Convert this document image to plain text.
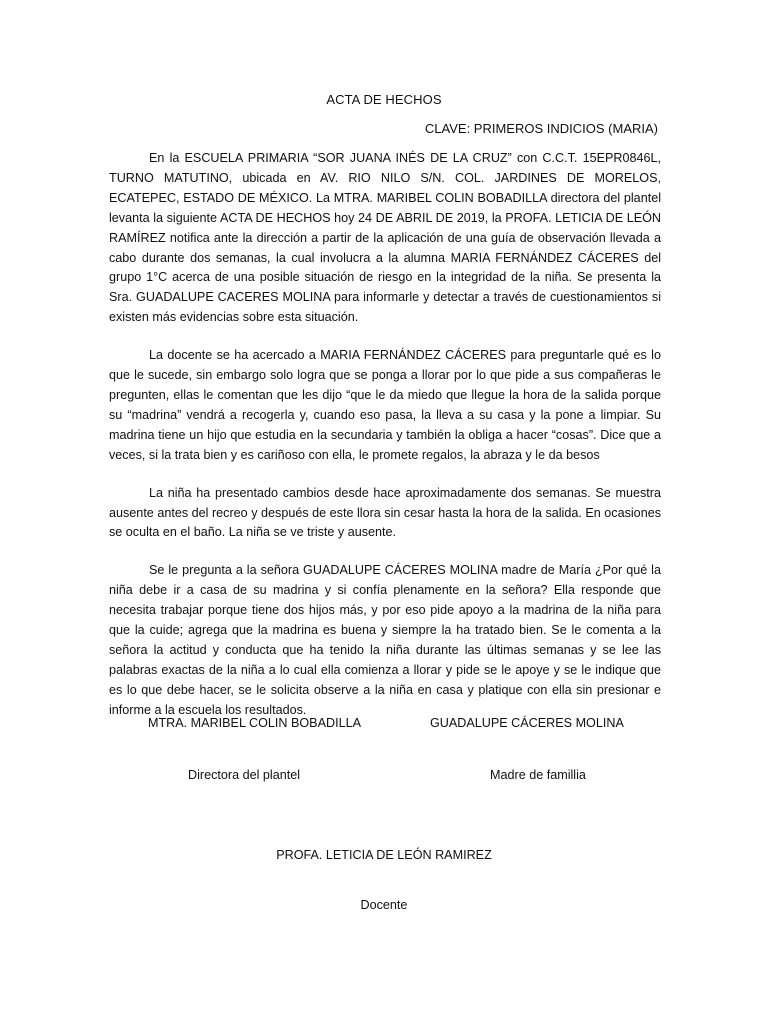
ACTA DE HECHOS
CLAVE: PRIMEROS INDICIOS (MARIA)

En la ESCUELA PRIMARIA “SOR JUANA INÉS DE LA CRUZ” con C.C.T. 15EPR0846L, TURNO MATUTINO, ubicada en AV. RIO NILO S/N. COL. JARDINES DE MORELOS, ECATEPEC, ESTADO DE MÉXICO. La MTRA. MARIBEL COLIN BOBADILLA directora del plantel levanta la siguiente ACTA DE HECHOS hoy 24 DE ABRIL DE 2019, la PROFA. LETICIA DE LEÓN RAMÍREZ notifica ante la dirección a partir de la aplicación de una guía de observación llevada a cabo durante dos semanas, la cual involucra a la alumna MARIA FERNÁNDEZ CÁCERES del grupo 1°C acerca de una posible situación de riesgo en la integridad de la niña. Se presenta la Sra. GUADALUPE CACERES MOLINA para informarle y detectar a través de cuestionamientos si existen más evidencias sobre esta situación.

La docente se ha acercado a MARIA FERNÁNDEZ CÁCERES para preguntarle qué es lo que le sucede, sin embargo solo logra que se ponga a llorar por lo que pide a sus compañeras le pregunten, ellas le comentan que les dijo “que le da miedo que llegue la hora de la salida porque su “madrina” vendrá a recogerla y, cuando eso pasa, la lleva a su casa y la pone a limpiar. Su madrina tiene un hijo que estudia en la secundaria y también la obliga a hacer “cosas”. Dice que a veces, si la trata bien y es cariñoso con ella, le promete regalos, la abraza y le da besos

La niña ha presentado cambios desde hace aproximadamente dos semanas. Se muestra ausente antes del recreo y después de este llora sin cesar hasta la hora de la salida. En ocasiones se oculta en el baño. La niña se ve triste y ausente.

Se le pregunta a la señora GUADALUPE CÁCERES MOLINA madre de María ¿Por qué la niña debe ir a casa de su madrina y si confía plenamente en la señora? Ella responde que necesita trabajar porque tiene dos hijos más, y por eso pide apoyo a la madrina de la niña para que la cuide; agrega que la madrina es buena y siempre la ha tratado bien. Se le comenta a la señora la actitud y conducta que ha tenido la niña durante las últimas semanas y se lee las palabras exactas de la niña a lo cual ella comienza a llorar y pide se le apoye y se le indique que es lo que debe hacer, se le solicita observe a la niña en casa y platique con ella sin presionar e informe a la escuela los resultados.

MTRA. MARIBEL COLIN BOBADILLA	GUADALUPE CÁCERES MOLINA
Directora del plantel	Madre de famillia
PROFA. LETICIA DE LEÓN RAMIREZ
Docente
